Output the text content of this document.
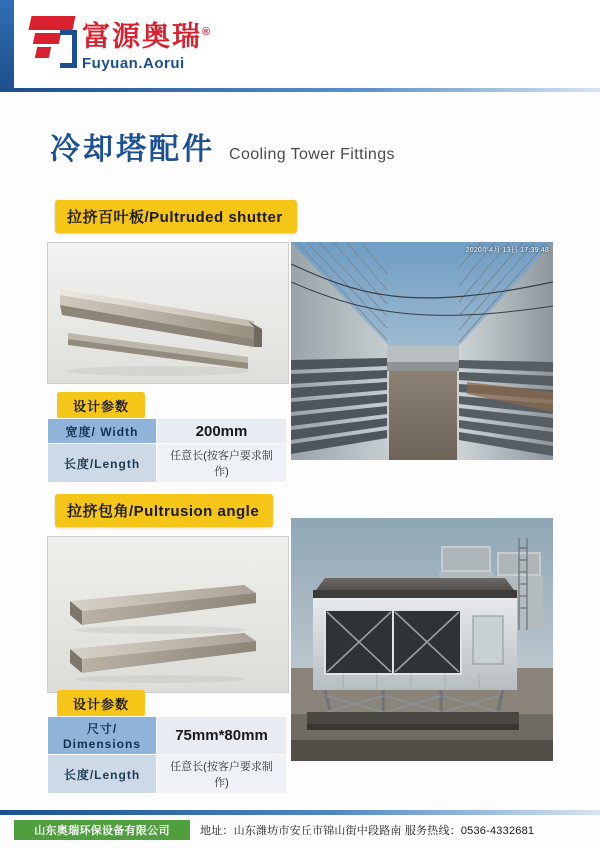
富源奥瑞®
Fuyuan.Aorui
冷却塔配件 Cooling Tower Fittings
拉挤百叶板/Pultruded shutter
2020年4月 13日 17:39:48
设计参数
宽度/ Width	200mm
长度/Length	任意长(按客户要求制作)
拉挤包角/Pultrusion angle
设计参数
尺寸/ Dimensions	75mm*80mm
长度/Length	任意长(按客户要求制作)
山东奥瑞环保设备有限公司	地址：山东潍坊市安丘市锦山街中段路南 服务热线：0536-4332681
